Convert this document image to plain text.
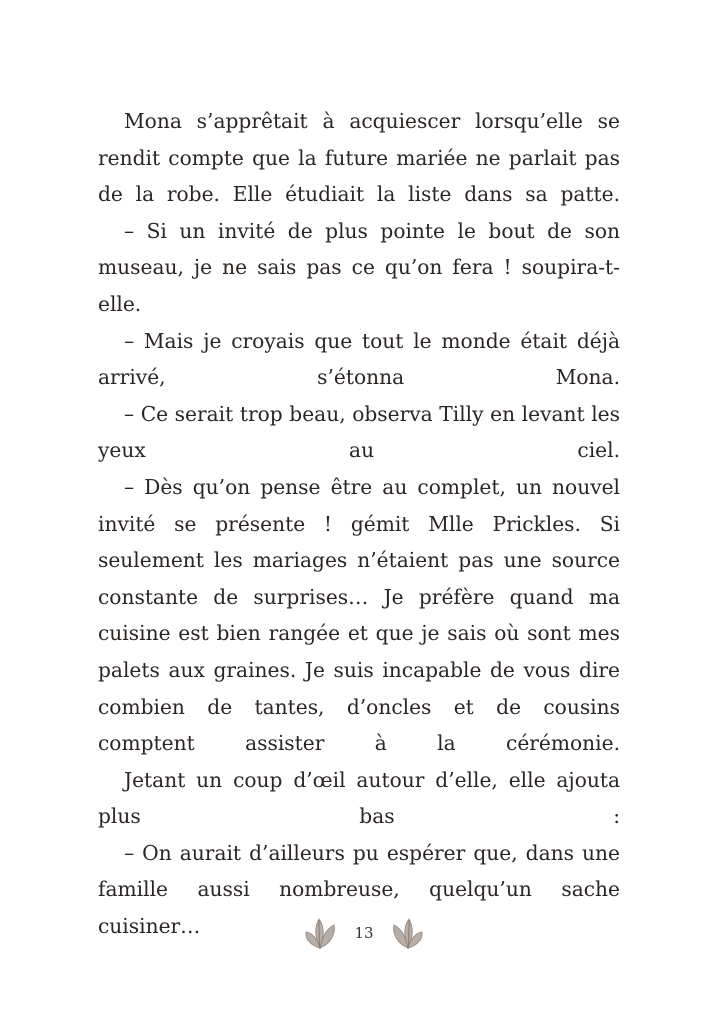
Mona s’apprêtait à acquiescer lorsqu’elle se rendit compte que la future mariée ne parlait pas de la robe. Elle étudiait la liste dans sa patte.

– Si un invité de plus pointe le bout de son museau, je ne sais pas ce qu’on fera ! soupira-t-elle.

– Mais je croyais que tout le monde était déjà arrivé, s’étonna Mona.

– Ce serait trop beau, observa Tilly en levant les yeux au ciel.

– Dès qu’on pense être au complet, un nouvel invité se présente ! gémit Mlle Prickles. Si seulement les mariages n’étaient pas une source constante de surprises… Je préfère quand ma cuisine est bien rangée et que je sais où sont mes palets aux graines. Je suis incapable de vous dire combien de tantes, d’oncles et de cousins comptent assister à la cérémonie.

Jetant un coup d’œil autour d’elle, elle ajouta plus bas :

– On aurait d’ailleurs pu espérer que, dans une famille aussi nombreuse, quelqu’un sache cuisiner…	13
